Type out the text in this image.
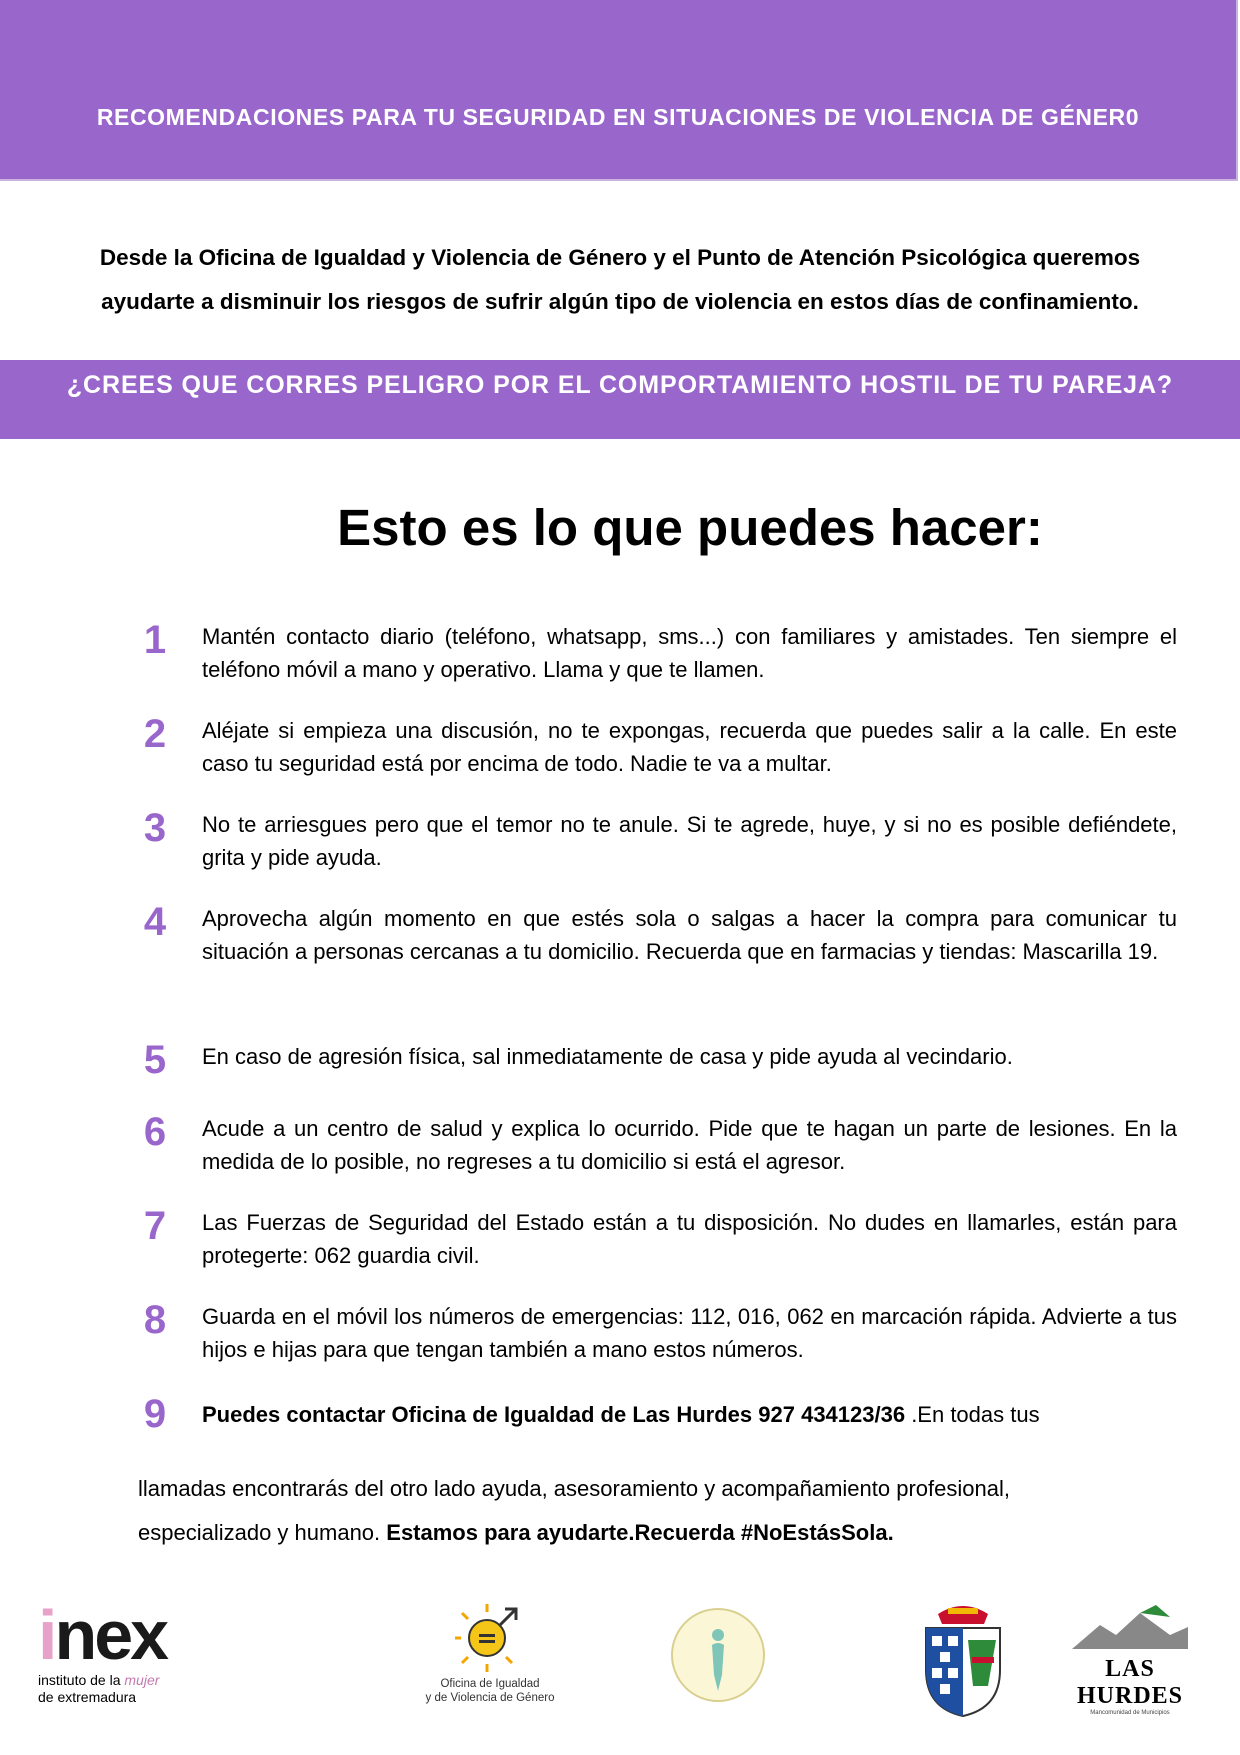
RECOMENDACIONES PARA TU SEGURIDAD EN SITUACIONES DE VIOLENCIA DE GÉNER0
Desde la Oficina de Igualdad y Violencia de Género y el Punto de Atención Psicológica queremos
ayudarte a disminuir los riesgos de sufrir algún tipo de violencia en estos días de confinamiento.

¿CREES QUE CORRES PELIGRO POR EL COMPORTAMIENTO HOSTIL DE TU PAREJA?

Esto es lo que puedes hacer:
1 Mantén contacto diario (teléfono, whatsapp, sms...) con familiares y amistades. Ten siempre el teléfono móvil a mano y operativo. Llama y que te llamen.
2 Aléjate si empieza una discusión, no te expongas, recuerda que puedes salir a la calle. En este caso tu seguridad está por encima de todo. Nadie te va a multar.
3 No te arriesgues pero que el temor no te anule. Si te agrede, huye, y si no es posible defiéndete, grita y pide ayuda.
4 Aprovecha algún momento en que estés sola o salgas a hacer la compra para comunicar tu situación a personas cercanas a tu domicilio. Recuerda que en farmacias y tiendas: Mascarilla 19.
5 En caso de agresión física, sal inmediatamente de casa y pide ayuda al vecindario.
6 Acude a un centro de salud y explica lo ocurrido. Pide que te hagan un parte de lesiones. En la medida de lo posible, no regreses a tu domicilio si está el agresor.
7 Las Fuerzas de Seguridad del Estado están a tu disposición. No dudes en llamarles, están para protegerte: 062 guardia civil.
8 Guarda en el móvil los números de emergencias: 112, 016, 062 en marcación rápida. Advierte a tus hijos e hijas para que tengan también a mano estos números.
9 Puedes contactar Oficina de Igualdad de Las Hurdes 927 434123/36 .En todas tus
llamadas encontrarás del otro lado ayuda, asesoramiento y acompañamiento profesional,
especializado y humano. Estamos para ayudarte.Recuerda #NoEstásSola.
inex
instituto de la mujer
de extremadura
Oficina de Igualdad
y de Violencia de Género
LAS HURDES
Mancomunidad de Municipios
